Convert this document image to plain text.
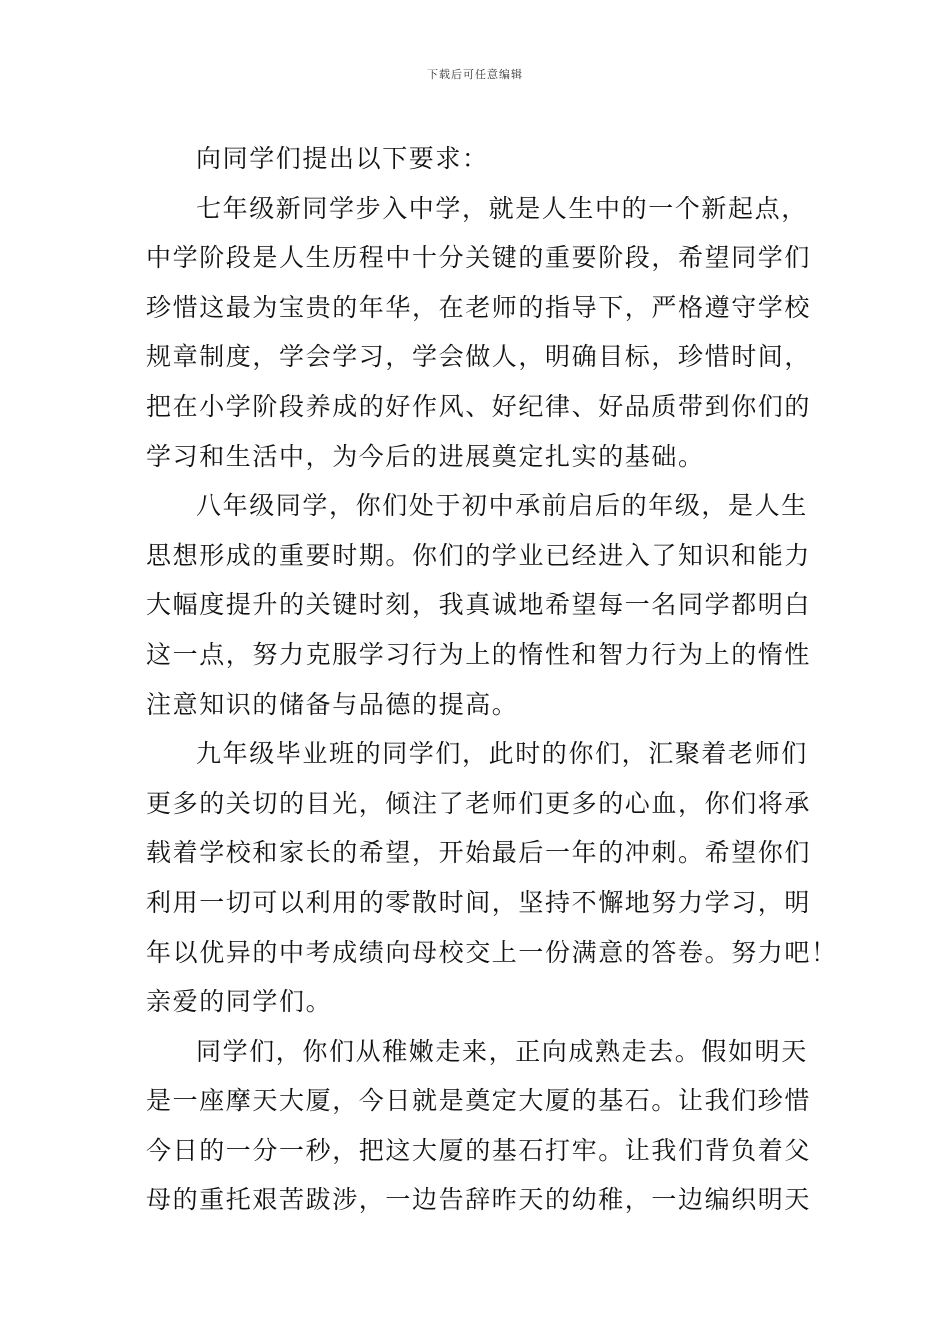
下载后可任意编辑
向同学们提出以下要求：
七年级新同学步入中学，就是人生中的一个新起点，
中学阶段是人生历程中十分关键的重要阶段，希望同学们
珍惜这最为宝贵的年华，在老师的指导下，严格遵守学校
规章制度，学会学习，学会做人，明确目标，珍惜时间，
把在小学阶段养成的好作风、好纪律、好品质带到你们的
学习和生活中，为今后的进展奠定扎实的基础。
八年级同学，你们处于初中承前启后的年级，是人生
思想形成的重要时期。你们的学业已经进入了知识和能力
大幅度提升的关键时刻，我真诚地希望每一名同学都明白
这一点，努力克服学习行为上的惰性和智力行为上的惰性
注意知识的储备与品德的提高。
九年级毕业班的同学们，此时的你们，汇聚着老师们
更多的关切的目光，倾注了老师们更多的心血，你们将承
载着学校和家长的希望，开始最后一年的冲刺。希望你们
利用一切可以利用的零散时间，坚持不懈地努力学习，明
年以优异的中考成绩向母校交上一份满意的答卷。努力吧！
亲爱的同学们。
同学们，你们从稚嫩走来，正向成熟走去。假如明天
是一座摩天大厦，今日就是奠定大厦的基石。让我们珍惜
今日的一分一秒，把这大厦的基石打牢。让我们背负着父
母的重托艰苦跋涉，一边告辞昨天的幼稚，一边编织明天
